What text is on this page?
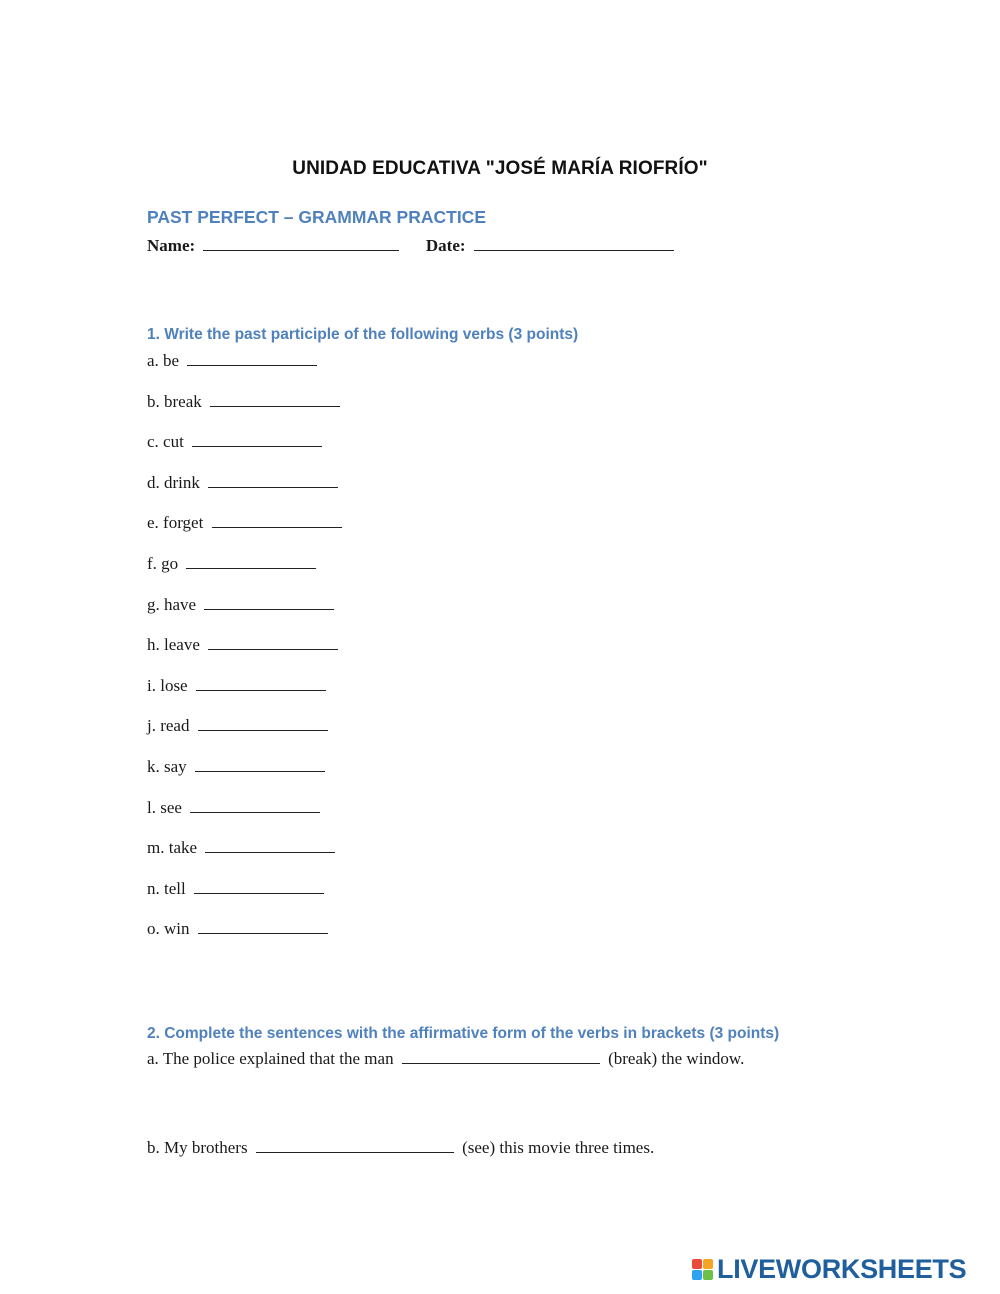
UNIDAD EDUCATIVA "JOSÉ MARÍA RIOFRÍO"
PAST PERFECT – GRAMMAR PRACTICE
Name:	Date:
1. Write the past participle of the following verbs (3 points)
a. be
b. break
c. cut
d. drink
e. forget
f. go
g. have
h. leave
i. lose
j. read
k. say
l. see
m. take
n. tell
o. win
2. Complete the sentences with the affirmative form of the verbs in brackets (3 points)
a. The police explained that the man	(break) the window.
b. My brothers	(see) this movie three times.
LIVEWORKSHEETS
